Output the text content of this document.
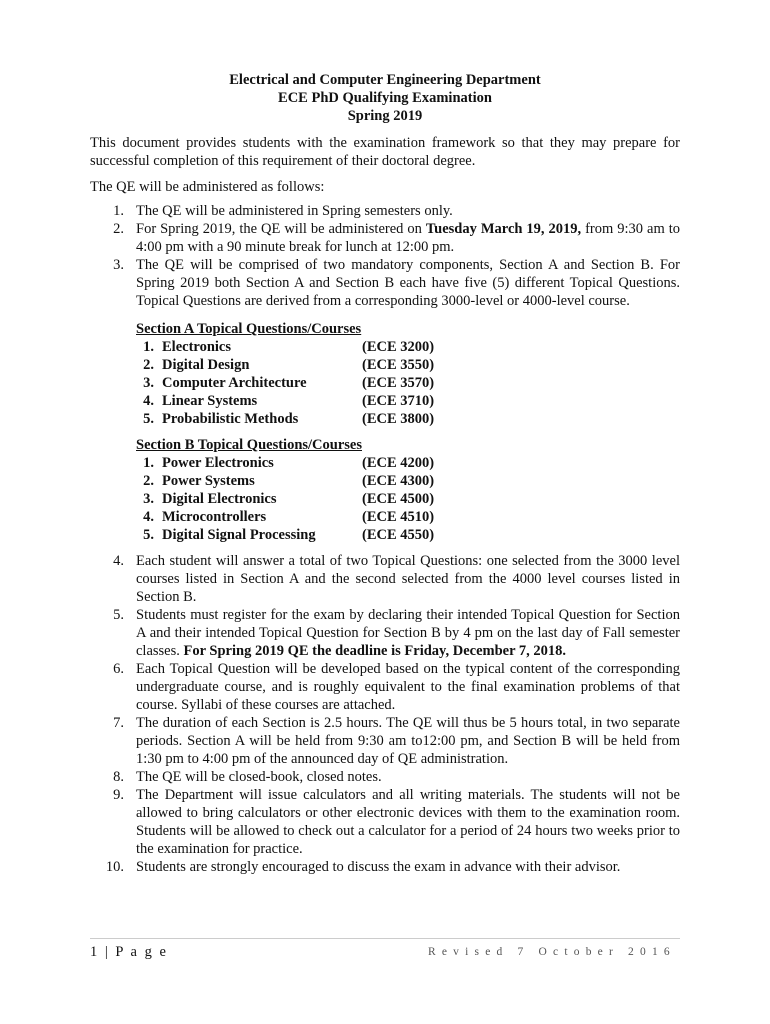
Electrical and Computer Engineering Department
ECE PhD Qualifying Examination
Spring 2019
This document provides students with the examination framework so that they may prepare for successful completion of this requirement of their doctoral degree.
The QE will be administered as follows:
1. The QE will be administered in Spring semesters only.
2. For Spring 2019, the QE will be administered on Tuesday March 19, 2019, from 9:30 am to 4:00 pm with a 90 minute break for lunch at 12:00 pm.
3. The QE will be comprised of two mandatory components, Section A and Section B. For Spring 2019 both Section A and Section B each have five (5) different Topical Questions. Topical Questions are derived from a corresponding 3000-level or 4000-level course.
Section A Topical Questions/Courses
1. Electronics	(ECE 3200)
2. Digital Design	(ECE 3550)
3. Computer Architecture	(ECE 3570)
4. Linear Systems	(ECE 3710)
5. Probabilistic Methods	(ECE 3800)
Section B Topical Questions/Courses
1. Power Electronics	(ECE 4200)
2. Power Systems	(ECE 4300)
3. Digital Electronics	(ECE 4500)
4. Microcontrollers	(ECE 4510)
5. Digital Signal Processing	(ECE 4550)
4. Each student will answer a total of two Topical Questions: one selected from the 3000 level courses listed in Section A and the second selected from the 4000 level courses listed in Section B.
5. Students must register for the exam by declaring their intended Topical Question for Section A and their intended Topical Question for Section B by 4 pm on the last day of Fall semester classes. For Spring 2019 QE the deadline is Friday, December 7, 2018.
6. Each Topical Question will be developed based on the typical content of the corresponding undergraduate course, and is roughly equivalent to the final examination problems of that course. Syllabi of these courses are attached.
7. The duration of each Section is 2.5 hours. The QE will thus be 5 hours total, in two separate periods. Section A will be held from 9:30 am to12:00 pm, and Section B will be held from 1:30 pm to 4:00 pm of the announced day of QE administration.
8. The QE will be closed-book, closed notes.
9. The Department will issue calculators and all writing materials. The students will not be allowed to bring calculators or other electronic devices with them to the examination room. Students will be allowed to check out a calculator for a period of 24 hours two weeks prior to the examination for practice.
10. Students are strongly encouraged to discuss the exam in advance with their advisor.
1 | P a g e	Revised 7 October 2016
